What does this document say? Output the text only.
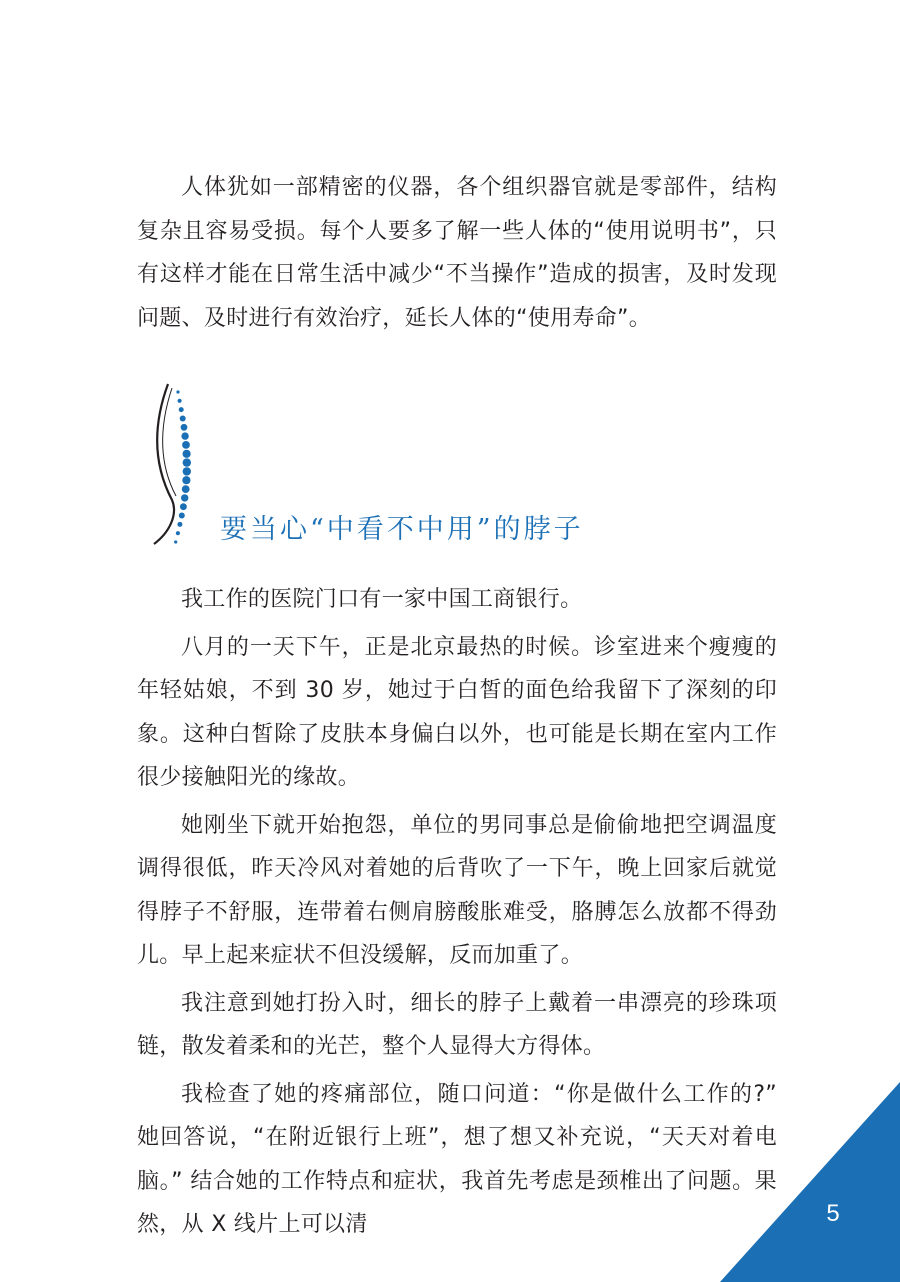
人体犹如一部精密的仪器，各个组织器官就是零部件，结构复杂且容易受损。每个人要多了解一些人体的“使用说明书”，只有这样才能在日常生活中减少“不当操作”造成的损害，及时发现问题、及时进行有效治疗，延长人体的“使用寿命”。

要当心“中看不中用”的脖子

我工作的医院门口有一家中国工商银行。

八月的一天下午，正是北京最热的时候。诊室进来个瘦瘦的年轻姑娘，不到 30 岁，她过于白皙的面色给我留下了深刻的印象。这种白皙除了皮肤本身偏白以外，也可能是长期在室内工作很少接触阳光的缘故。

她刚坐下就开始抱怨，单位的男同事总是偷偷地把空调温度调得很低，昨天冷风对着她的后背吹了一下午，晚上回家后就觉得脖子不舒服，连带着右侧肩膀酸胀难受，胳膊怎么放都不得劲儿。早上起来症状不但没缓解，反而加重了。

我注意到她打扮入时，细长的脖子上戴着一串漂亮的珍珠项链，散发着柔和的光芒，整个人显得大方得体。

我检查了她的疼痛部位，随口问道：“你是做什么工作的?” 她回答说，“在附近银行上班”，想了想又补充说，“天天对着电脑。” 结合她的工作特点和症状，我首先考虑是颈椎出了问题。果然，从 X 线片上可以清	5
